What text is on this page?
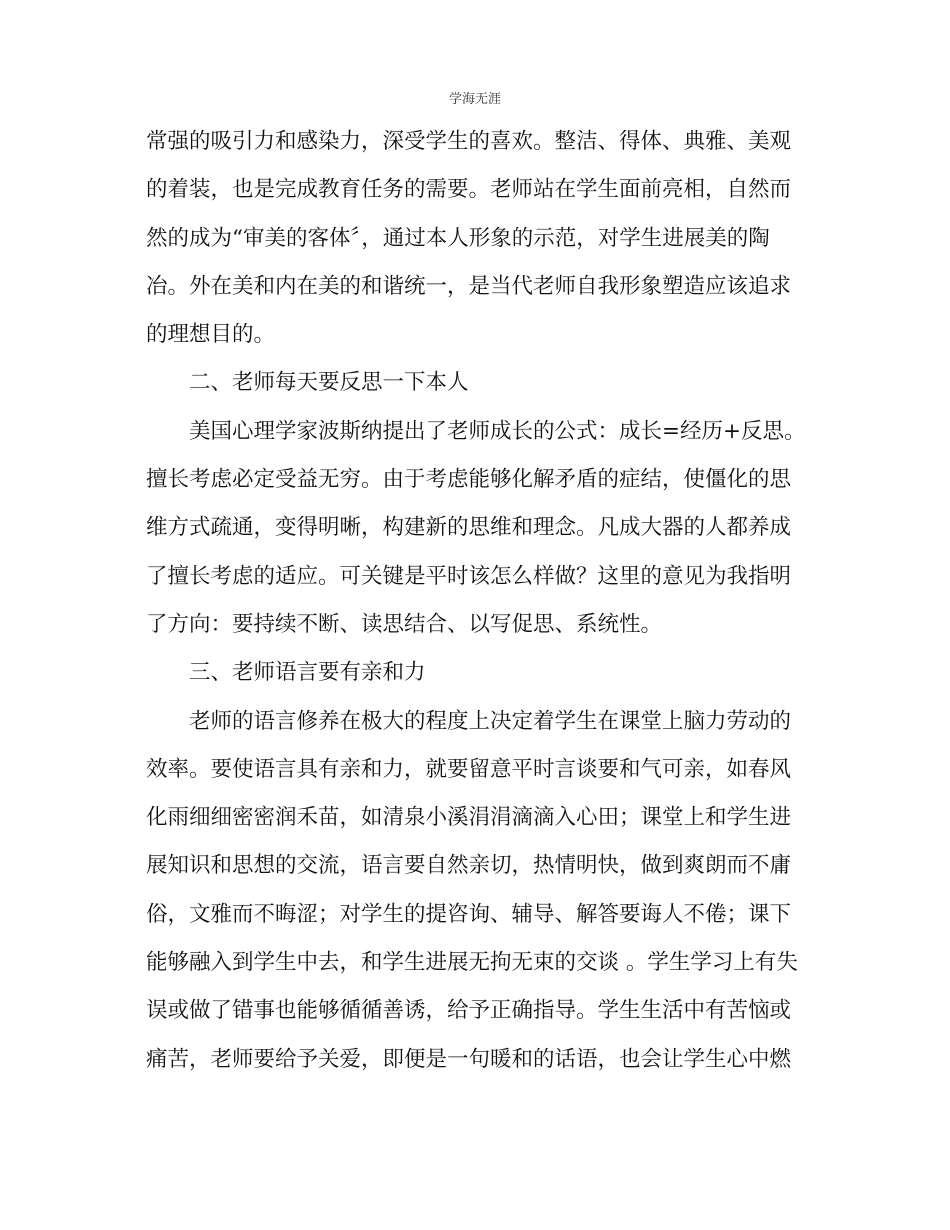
学海无涯
常强的吸引力和感染力，深受学生的喜欢。整洁、得体、典雅、美观
的着装，也是完成教育任务的需要。老师站在学生面前亮相，自然而
然的成为“审美的客体〞，通过本人形象的示范，对学生进展美的陶
冶。外在美和内在美的和谐统一，是当代老师自我形象塑造应该追求
的理想目的。
二、老师每天要反思一下本人
美国心理学家波斯纳提出了老师成长的公式：成长=经历+反思。
擅长考虑必定受益无穷。由于考虑能够化解矛盾的症结，使僵化的思
维方式疏通，变得明晰，构建新的思维和理念。凡成大器的人都养成
了擅长考虑的适应。可关键是平时该怎么样做？这里的意见为我指明
了方向：要持续不断、读思结合、以写促思、系统性。
三、老师语言要有亲和力
老师的语言修养在极大的程度上决定着学生在课堂上脑力劳动的
效率。要使语言具有亲和力，就要留意平时言谈要和气可亲，如春风
化雨细细密密润禾苗，如清泉小溪涓涓滴滴入心田；课堂上和学生进
展知识和思想的交流，语言要自然亲切，热情明快，做到爽朗而不庸
俗，文雅而不晦涩；对学生的提咨询、辅导、解答要诲人不倦；课下
能够融入到学生中去，和学生进展无拘无束的交谈 。学生学习上有失
误或做了错事也能够循循善诱，给予正确指导。学生生活中有苦恼或
痛苦，老师要给予关爱，即便是一句暖和的话语，也会让学生心中燃
